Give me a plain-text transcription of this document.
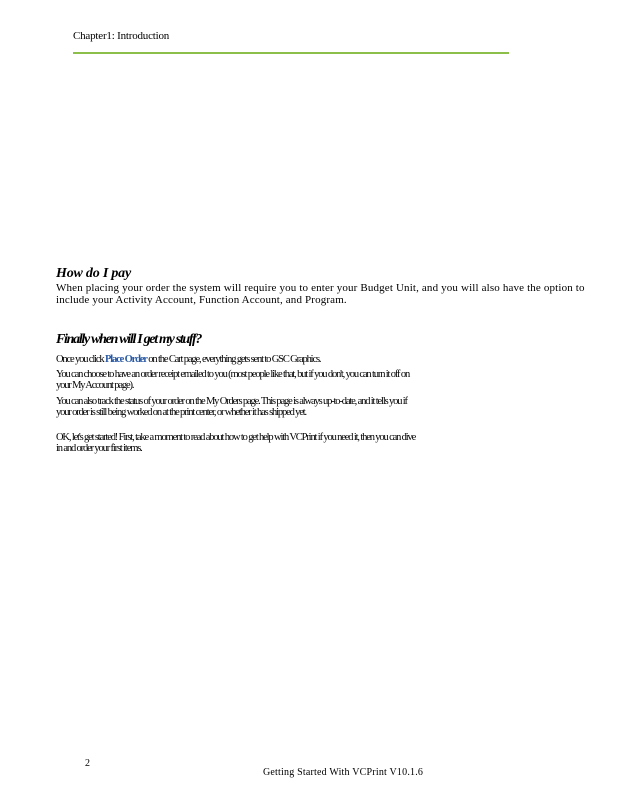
Chapter1: Introduction
How do I pay
When placing your order the system will require you to enter your Budget Unit, and you will also have the option to include your Activity Account, Function Account, and Program.
Finally when will I get my stuff?
Once you click Place Order on the Cart page, everything gets sent to GSC Graphics.
You can choose to have an order receipt emailed to you (most people like that, but if you don't, you can turn it off on your My Account page).
You can also track the status of your order on the My Orders page. This page is always up-to-date, and it tells you if your order is still being worked on at the print center, or whether it has shipped yet.
OK, let's get started! First, take a moment to read about how to get help with VCPrint if you need it, then you can dive in and order your first items.
2
Getting Started With VCPrint V10.1.6
